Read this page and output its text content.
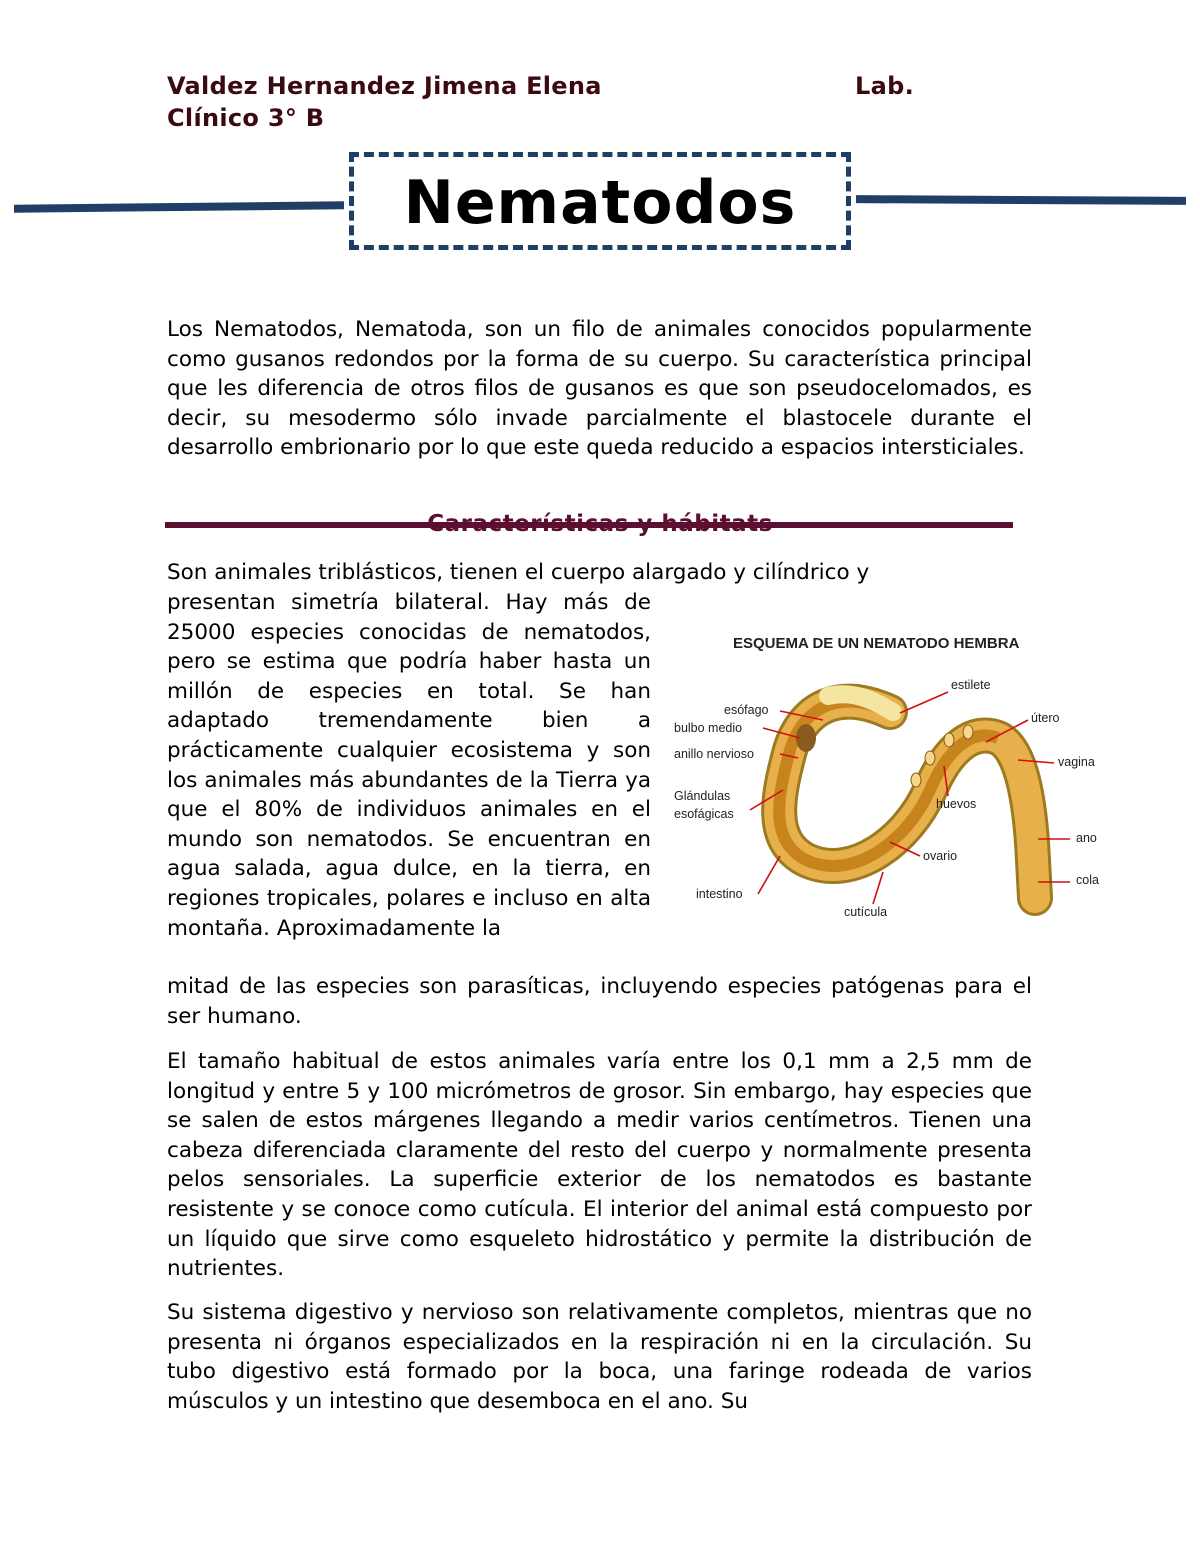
Valdez Hernandez Jimena Elena	Lab.

Clínico 3° B
Nematodos
Los Nematodos, Nematoda, son un filo de animales conocidos popularmente como gusanos redondos por la forma de su cuerpo. Su característica principal que les diferencia de otros filos de gusanos es que son pseudocelomados, es decir, su mesodermo sólo invade parcialmente el blastocele durante el desarrollo embrionario por lo que este queda reducido a espacios intersticiales.
Características y hábitats
Son animales triblásticos, tienen el cuerpo alargado y cilíndrico y
presentan simetría bilateral. Hay más de 25000 especies conocidas de nematodos, pero se estima que podría haber hasta un millón de especies en total. Se han adaptado tremendamente bien a prácticamente cualquier ecosistema y son los animales más abundantes de la Tierra ya que el 80% de individuos animales en el mundo son nematodos. Se encuentran en agua salada, agua dulce, en la tierra, en regiones tropicales, polares e incluso en alta montaña. Aproximadamente la
mitad de las especies son parasíticas, incluyendo especies patógenas para el ser humano.
El tamaño habitual de estos animales varía entre los 0,1 mm a 2,5 mm de longitud y entre 5 y 100 micrómetros de grosor. Sin embargo, hay especies que se salen de estos márgenes llegando a medir varios centímetros. Tienen una cabeza diferenciada claramente del resto del cuerpo y normalmente presenta pelos sensoriales. La superficie exterior de los nematodos es bastante resistente y se conoce como cutícula. El interior del animal está compuesto por un líquido que sirve como esqueleto hidrostático y permite la distribución de nutrientes.
Su sistema digestivo y nervioso son relativamente completos, mientras que no presenta ni órganos especializados en la respiración ni en la circulación. Su tubo digestivo está formado por la boca, una faringe rodeada de varios músculos y un intestino que desemboca en el ano. Su
ESQUEMA DE UN NEMATODO HEMBRA
estilete
esófago
bulbo medio
anillo nervioso
útero
vagina
Glándulas
esofágicas
huevos
ano
ovario
cola
intestino
cutícula
